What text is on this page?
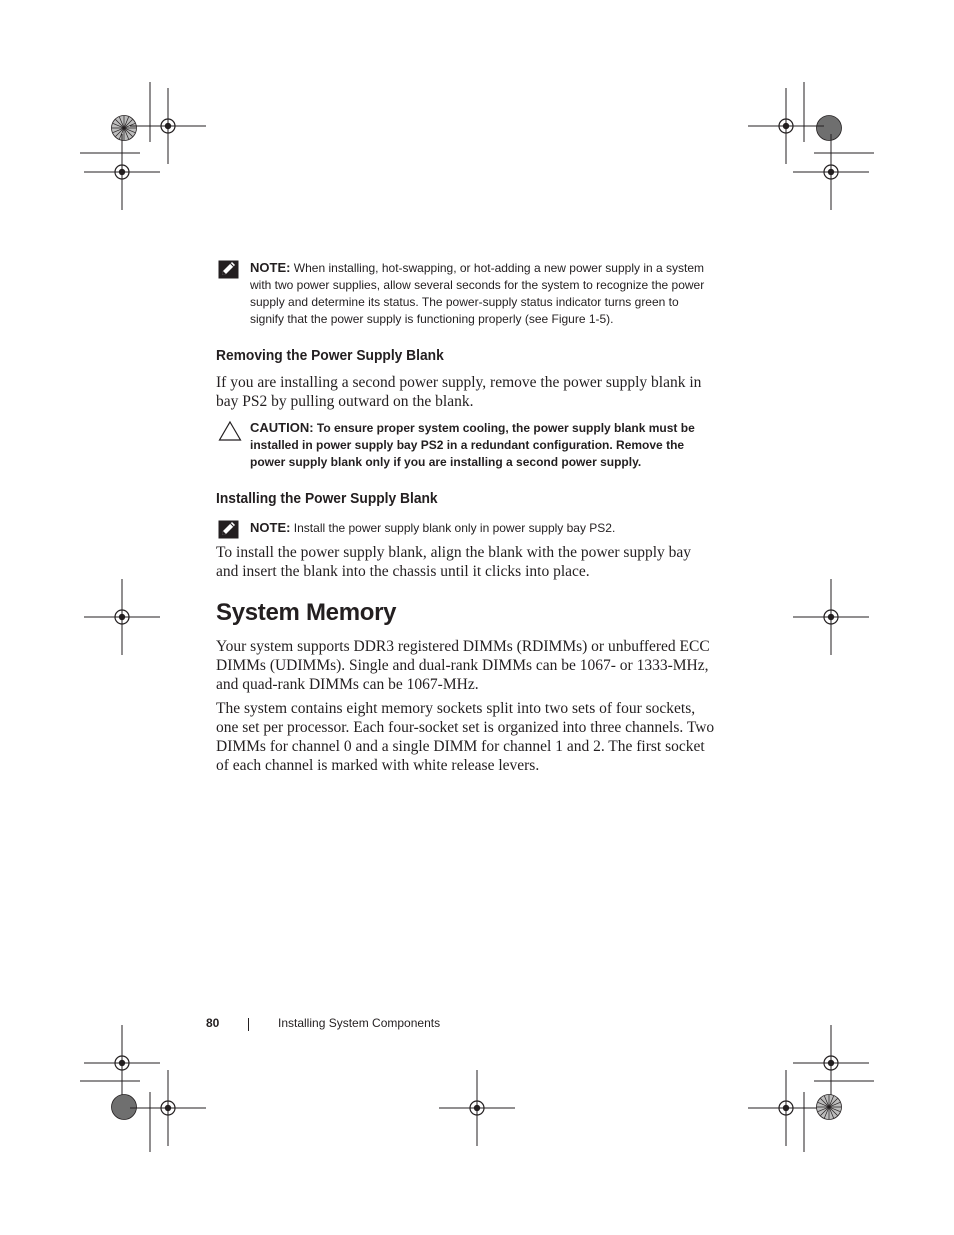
NOTE: When installing, hot-swapping, or hot-adding a new power supply in a system with two power supplies, allow several seconds for the system to recognize the power supply and determine its status. The power-supply status indicator turns green to signify that the power supply is functioning properly (see Figure 1-5).
Removing the Power Supply Blank

If you are installing a second power supply, remove the power supply blank in bay PS2 by pulling outward on the blank.

CAUTION: To ensure proper system cooling, the power supply blank must be installed in power supply bay PS2 in a redundant configuration. Remove the power supply blank only if you are installing a second power supply.
Installing the Power Supply Blank
NOTE: Install the power supply blank only in power supply bay PS2.

To install the power supply blank, align the blank with the power supply bay and insert the blank into the chassis until it clicks into place.

System Memory

Your system supports DDR3 registered DIMMs (RDIMMs) or unbuffered ECC DIMMs (UDIMMs). Single and dual-rank DIMMs can be 1067- or 1333-MHz, and quad-rank DIMMs can be 1067-MHz.

The system contains eight memory sockets split into two sets of four sockets, one set per processor. Each four-socket set is organized into three channels. Two DIMMs for channel 0 and a single DIMM for channel 1 and 2. The first socket of each channel is marked with white release levers.

80	Installing System Components
